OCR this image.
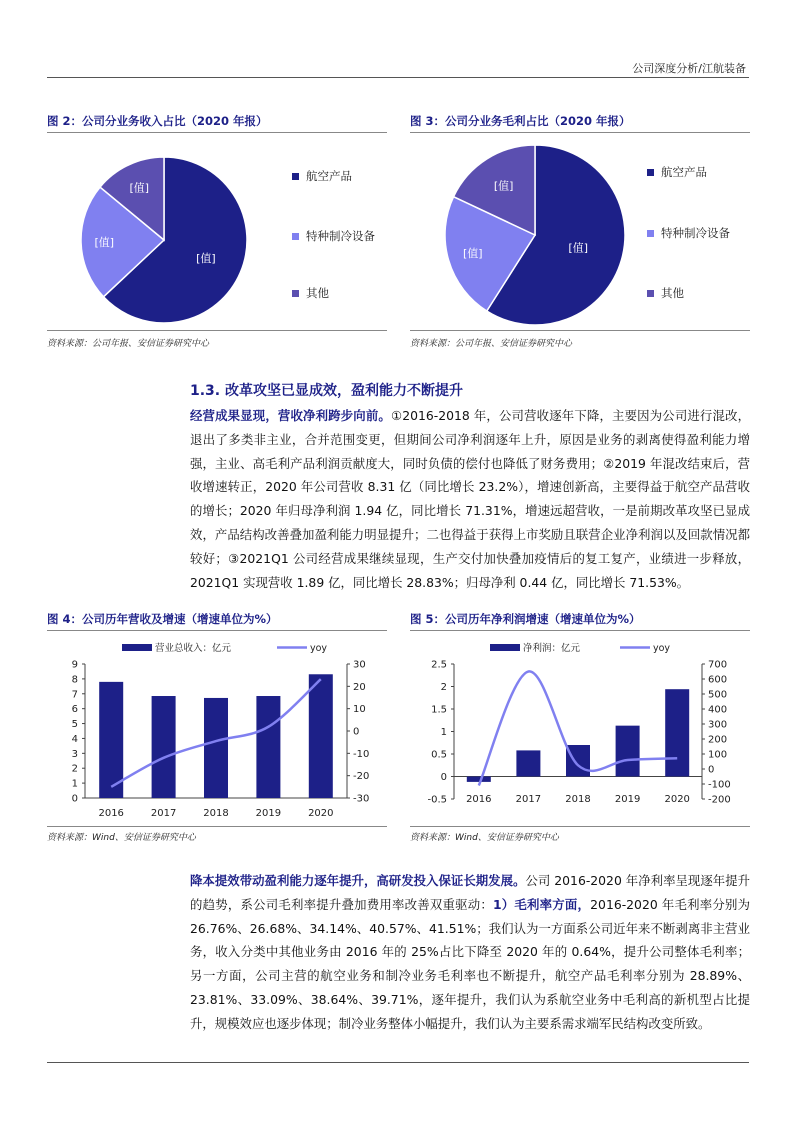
公司深度分析/江航装备
图 2：公司分业务收入占比（2020 年报）
[值]
[值]
[值]
航空产品
特种制冷设备
其他
资料来源：公司年报、安信证券研究中心
图 3：公司分业务毛利占比（2020 年报）
[值]
[值]
[值]
航空产品
特种制冷设备
其他
资料来源：公司年报、安信证券研究中心
1.3. 改革攻坚已显成效，盈利能力不断提升
经营成果显现，营收净利跨步向前。①2016-2018 年，公司营收逐年下降，主要因为公司进行混改，退出了多类非主业，合并范围变更，但期间公司净利润逐年上升，原因是业务的剥离使得盈利能力增强，主业、高毛利产品利润贡献度大，同时负债的偿付也降低了财务费用；②2019 年混改结束后，营收增速转正，2020 年公司营收 8.31 亿（同比增长 23.2%），增速创新高，主要得益于航空产品营收的增长；2020 年归母净利润 1.94 亿，同比增长 71.31%，增速远超营收，一是前期改革攻坚已显成效，产品结构改善叠加盈利能力明显提升；二也得益于获得上市奖励且联营企业净利润以及回款情况都较好；③2021Q1 公司经营成果继续显现，生产交付加快叠加疫情后的复工复产，业绩进一步释放，2021Q1 实现营收 1.89 亿，同比增长 28.83%；归母净利 0.44 亿，同比增长 71.53%。
图 4：公司历年营收及增速（增速单位为%）
营业总收入：亿元	yoy
0
1
2
3
4
5
6
7
8
9
-30
-20
-10
0
10
20
30
2016	2017	2018	2019	2020
资料来源：Wind、安信证券研究中心
图 5：公司历年净利润增速（增速单位为%）
净利润：亿元	yoy
-0.5
0
0.5
1
1.5
2
2.5
-200
-100
0
100
200
300
400
500
600
700
2016 2017 2018 2019 2020
资料来源：Wind、安信证券研究中心
降本提效带动盈利能力逐年提升，高研发投入保证长期发展。公司 2016-2020 年净利率呈现逐年提升的趋势，系公司毛利率提升叠加费用率改善双重驱动：1）毛利率方面，2016-2020 年毛利率分别为 26.76%、26.68%、34.14%、40.57%、41.51%；我们认为一方面系公司近年来不断剥离非主营业务，收入分类中其他业务由 2016 年的 25%占比下降至 2020 年的 0.64%，提升公司整体毛利率；另一方面，公司主营的航空业务和制冷业务毛利率也不断提升，航空产品毛利率分别为 28.89%、23.81%、33.09%、38.64%、39.71%，逐年提升，我们认为系航空业务中毛利高的新机型占比提升，规模效应也逐步体现；制冷业务整体小幅提升，我们认为主要系需求端军民结构改变所致。
